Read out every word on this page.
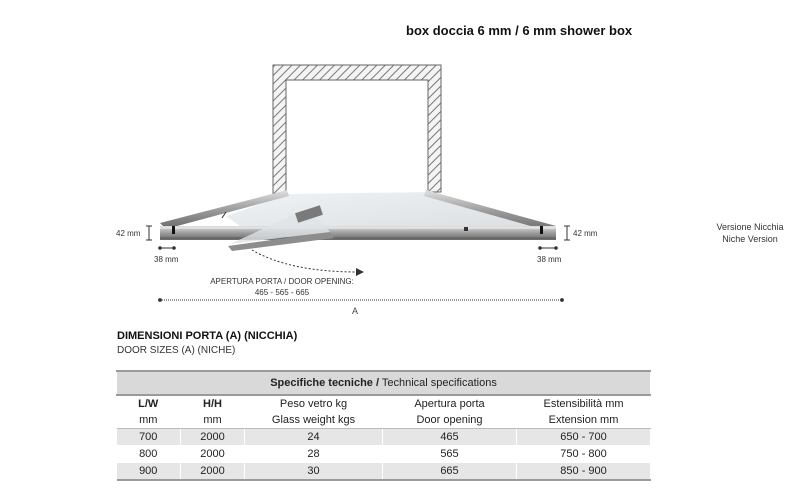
box doccia 6 mm / 6 mm shower box
42 mm	42 mm
38 mm	38 mm
APERTURA PORTA / DOOR OPENING:
465 - 565 - 665
A
Versione Nicchia
Niche Version
DIMENSIONI PORTA (A) (NICCHIA)
DOOR SIZES (A) (NICHE)
Specifiche tecniche / Technical specifications				
L/W	H/H	Peso vetro kg	Apertura porta	Estensibilità mm
mm	mm	Glass weight kgs	Door opening	Extension mm
700	2000	24	465	650 - 700
800	2000	28	565	750 - 800
900	2000	30	665	850 - 900
